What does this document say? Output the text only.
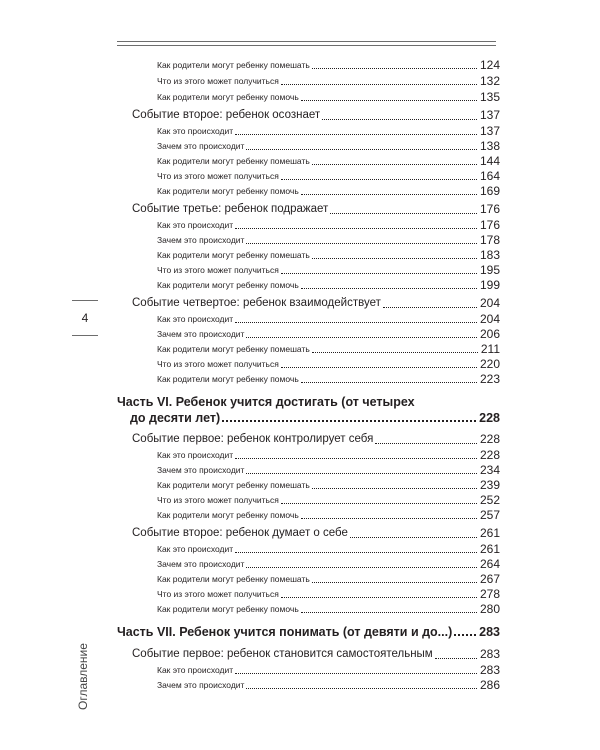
4
Оглавление
Как родители могут ребенку помешать	124
Что из этого может получиться	132
Как родители могут ребенку помочь	135
Событие второе: ребенок осознает	137
Как это происходит	137
Зачем это происходит	138
Как родители могут ребенку помешать	144
Что из этого может получиться	164
Как родители могут ребенку помочь	169
Событие третье: ребенок подражает	176
Как это происходит	176
Зачем это происходит	178
Как родители могут ребенку помешать	183
Что из этого может получиться	195
Как родители могут ребенку помочь	199
Событие четвертое: ребенок взаимодействует	204
Как это происходит	204
Зачем это происходит	206
Как родители могут ребенку помешать	211
Что из этого может получиться	220
Как родители могут ребенку помочь	223
Часть VI. Ребенок учится достигать (от четырех
до десяти лет)	228
Событие первое: ребенок контролирует себя	228
Как это происходит	228
Зачем это происходит	234
Как родители могут ребенку помешать	239
Что из этого может получиться	252
Как родители могут ребенку помочь	257
Событие второе: ребенок думает о себе	261
Как это происходит	261
Зачем это происходит	264
Как родители могут ребенку помешать	267
Что из этого может получиться	278
Как родители могут ребенку помочь	280
Часть VII. Ребенок учится понимать (от девяти и до...) 283
Событие первое: ребенок становится самостоятельным	283
Как это происходит	283
Зачем это происходит	286
